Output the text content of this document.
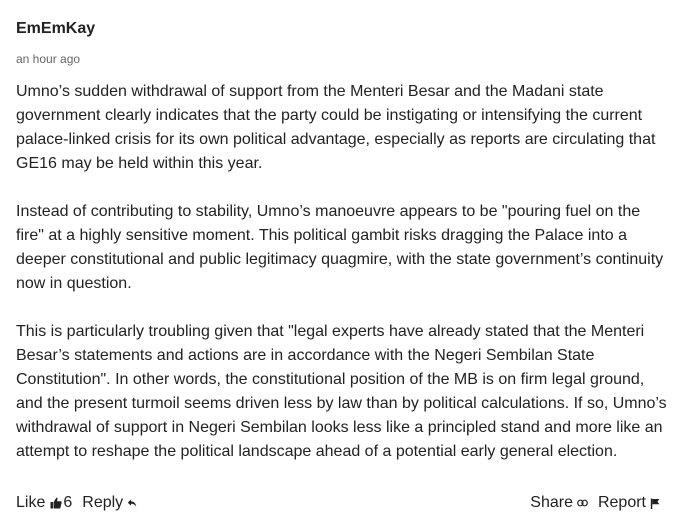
EmEmKay
an hour ago

Umno’s sudden withdrawal of support from the Menteri Besar and the Madani state government clearly indicates that the party could be instigating or intensifying the current palace-linked crisis for its own political advantage, especially as reports are circulating that GE16 may be held within this year.

Instead of contributing to stability, Umno’s manoeuvre appears to be "pouring fuel on the fire" at a highly sensitive moment. This political gambit risks dragging the Palace into a deeper constitutional and public legitimacy quagmire, with the state government’s continuity now in question.

This is particularly troubling given that "legal experts have already stated that the Menteri Besar’s statements and actions are in accordance with the Negeri Sembilan State Constitution". In other words, the constitutional position of the MB is on firm legal ground, and the present turmoil seems driven less by law than by political calculations. If so, Umno’s withdrawal of support in Negeri Sembilan looks less like a principled stand and more like an attempt to reshape the political landscape ahead of a potential early general election.

Like 6 Reply	Share Report
